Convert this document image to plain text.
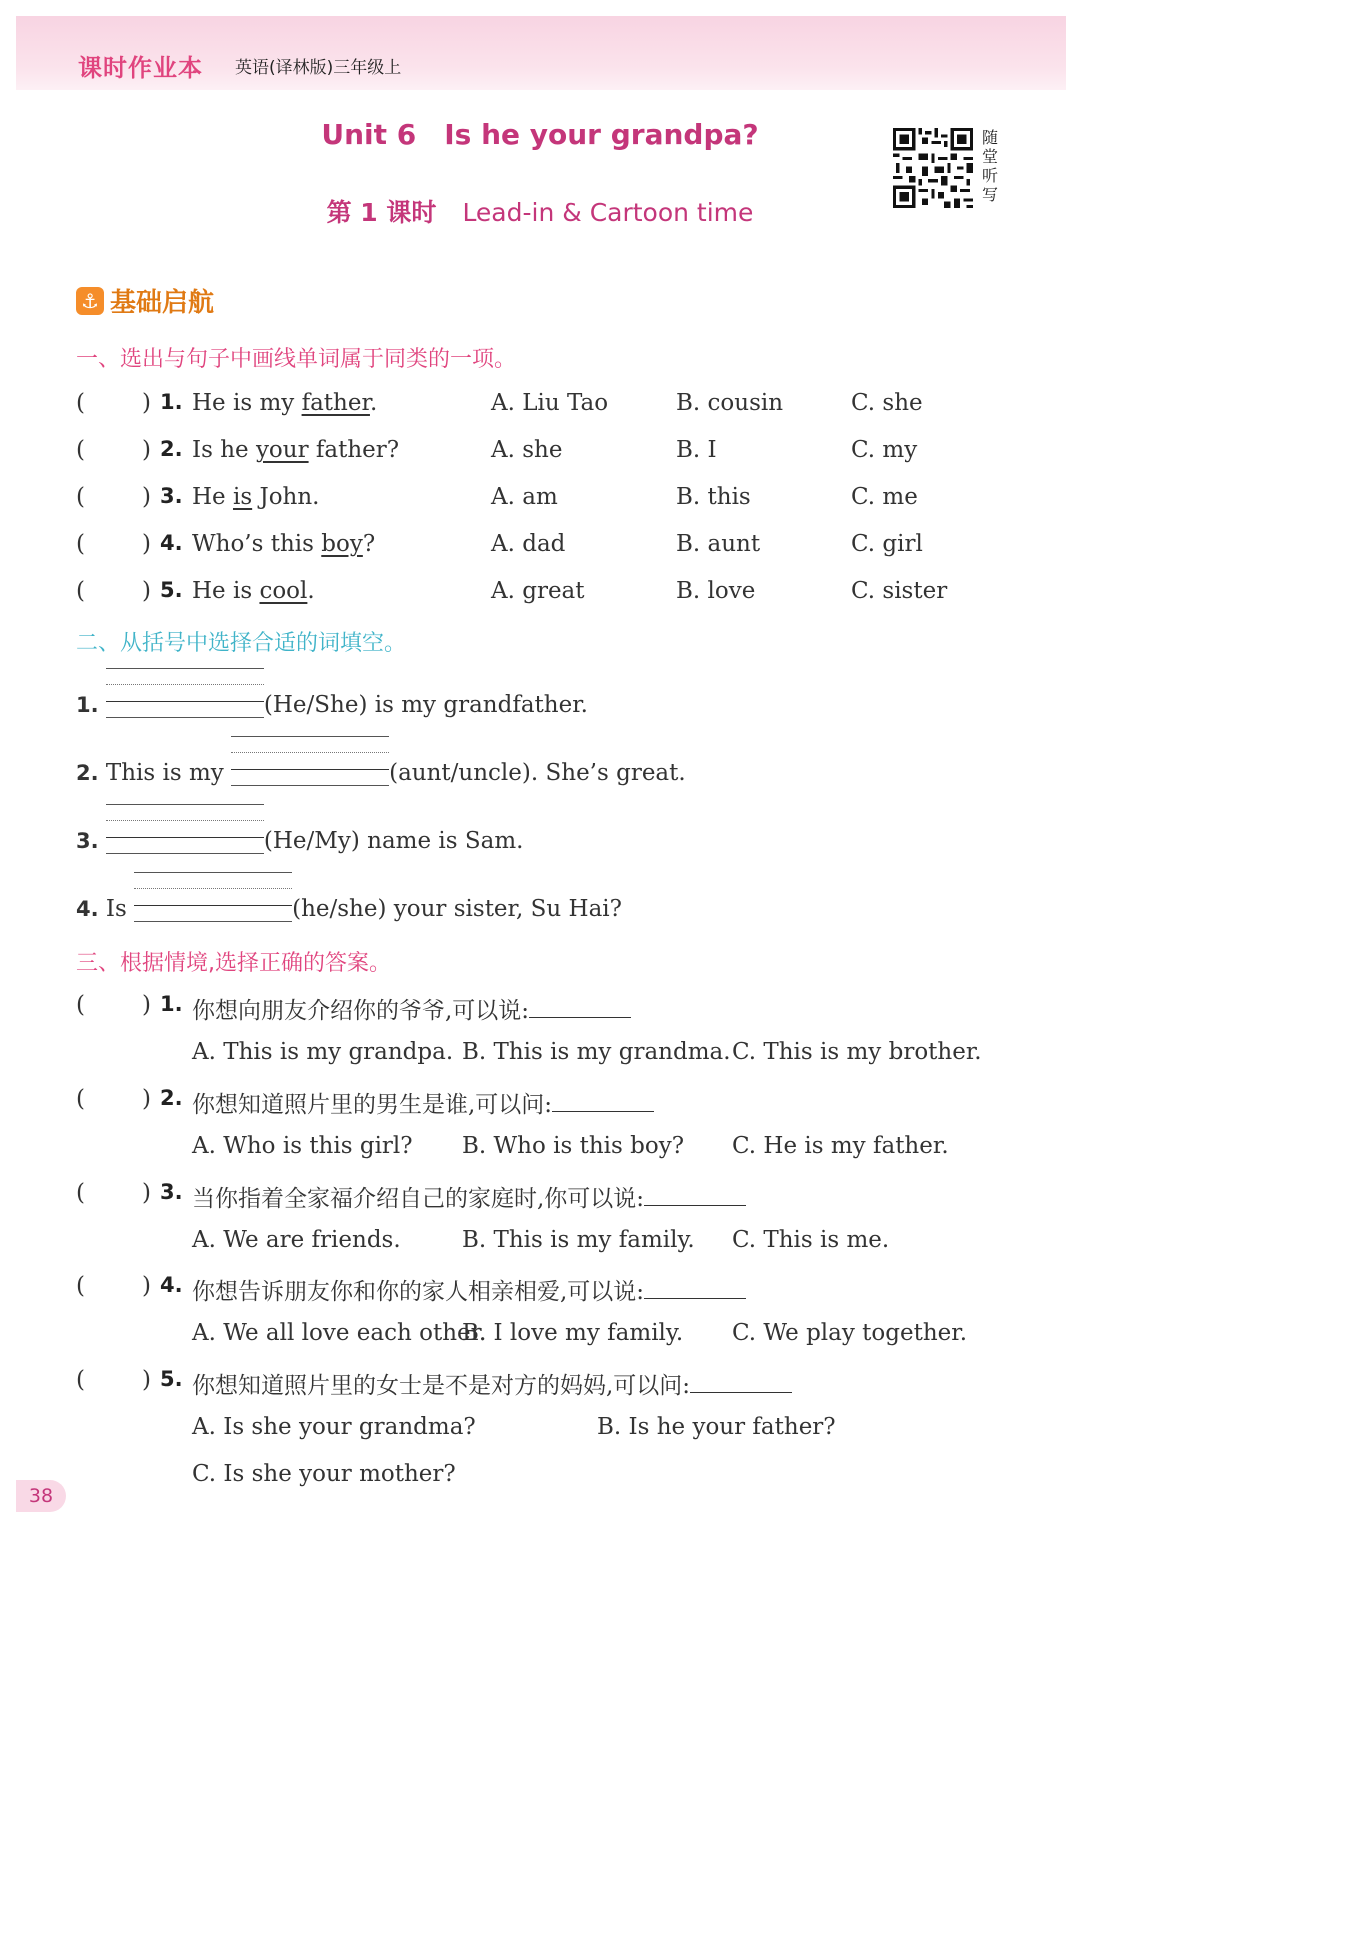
课时作业本 英语(译林版)三年级上
Unit 6 Is he your grandpa?
第 1 课时 Lead-in & Cartoon time
随堂听写
⚓ 基础启航
一、选出与句子中画线单词属于同类的一项。
( ) 1. He is my father.	A. Liu Tao	B. cousin	C. she
( ) 2. Is he your father?	A. she	B. I	C. my
( ) 3. He is John.	A. am	B. this	C. me
( ) 4. Who’s this boy?	A. dad	B. aunt	C. girl
( ) 5. He is cool.	A. great	B. love	C. sister
二、从括号中选择合适的词填空。
1.	(He/She) is my grandfather.
2. This is my	(aunt/uncle). She’s great.
3.	(He/My) name is Sam.
4. Is	(he/she) your sister, Su Hai?
三、根据情境,选择正确的答案。
( ) 1. 你想向朋友介绍你的爷爷,可以说:
A. This is my grandpa. B. This is my grandma. C. This is my brother.
( ) 2. 你想知道照片里的男生是谁,可以问:
A. Who is this girl? B. Who is this boy? C. He is my father.
( ) 3. 当你指着全家福介绍自己的家庭时,你可以说:
A. We are friends.	B. This is my family. C. This is me.
( ) 4. 你想告诉朋友你和你的家人相亲相爱,可以说:
A. We all love each other.
B. I love my family. C. We play together.
( ) 5. 你想知道照片里的女士是不是对方的妈妈,可以问:
A. Is she your grandma?	B. Is he your father?
C. Is she your mother?
38
